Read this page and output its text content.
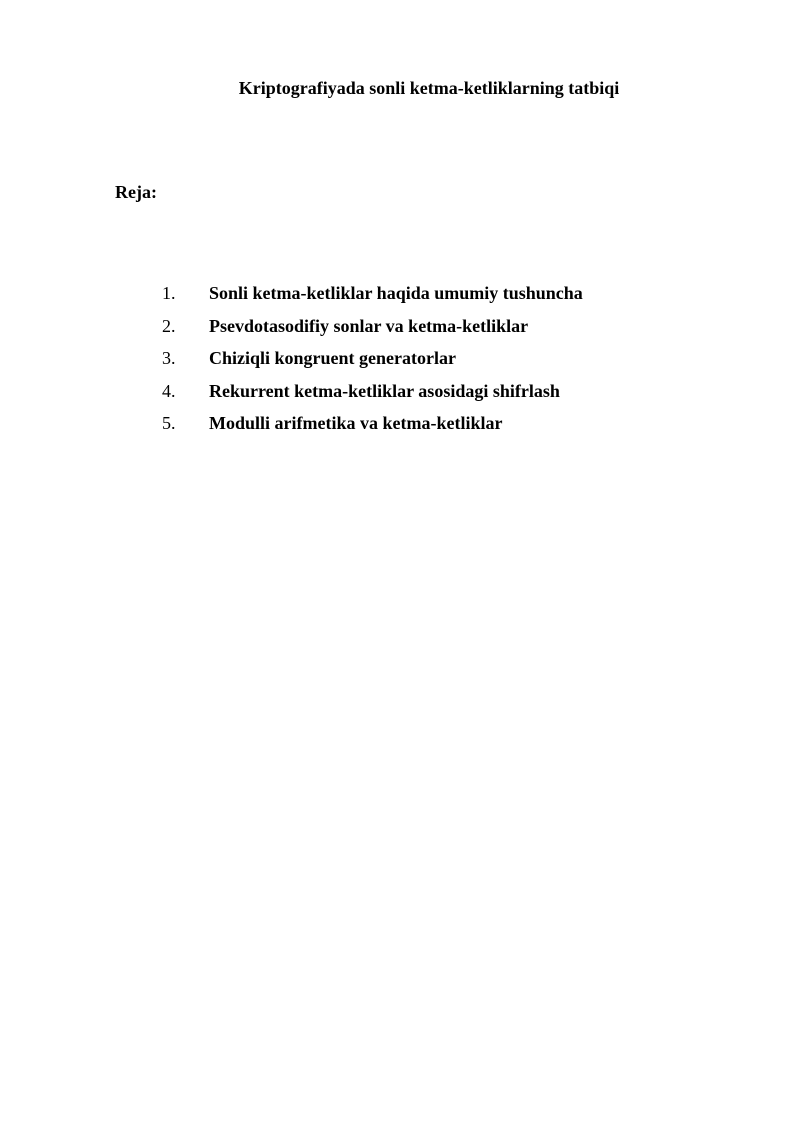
Kriptografiyada sonli ketma-ketliklarning tatbiqi
Reja:
1. Sonli ketma-ketliklar haqida umumiy tushuncha
2. Psevdotasodifiy sonlar va ketma-ketliklar
3. Chiziqli kongruent generatorlar
4. Rekurrent ketma-ketliklar asosidagi shifrlash
5. Modulli arifmetika va ketma-ketliklar
